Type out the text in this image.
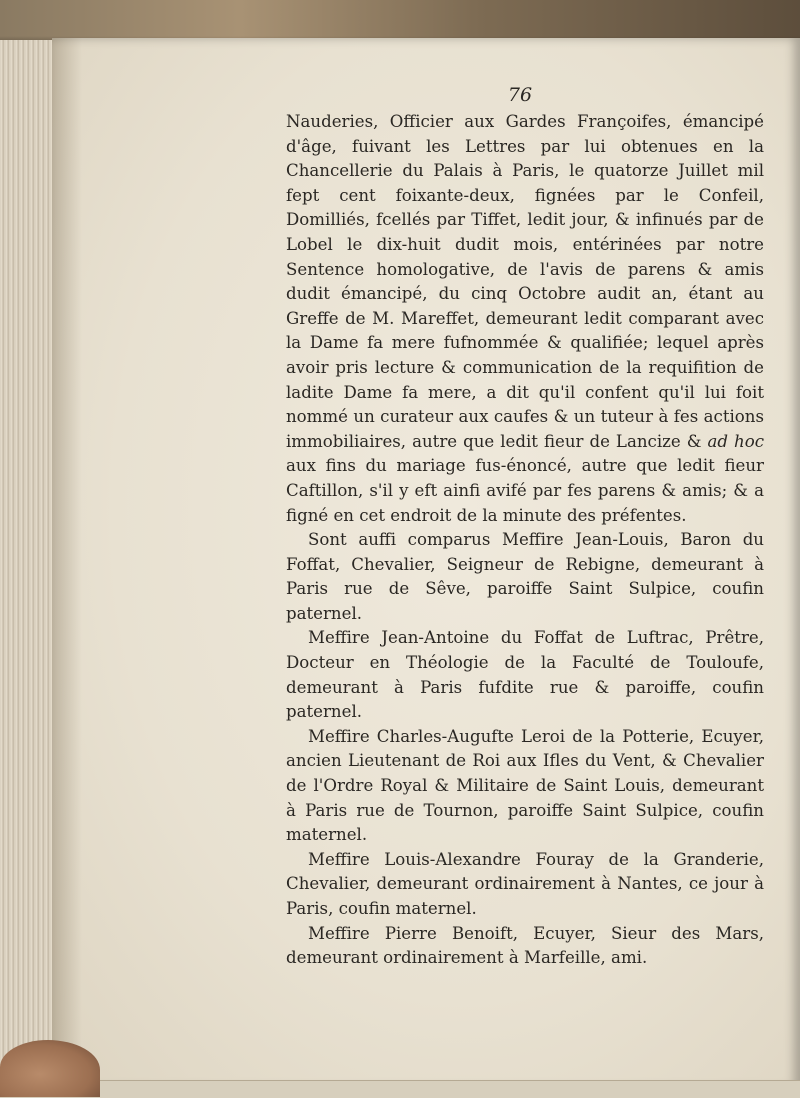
76

Nauderies, Officier aux Gardes Françoifes, émancipé d'âge, fuivant les Lettres par lui obtenues en la Chancellerie du Palais à Paris, le quatorze Juillet mil fept cent foixante-deux, fignées par le Confeil, Domilliés, fcellés par Tiffet, ledit jour, & infinués par de Lobel le dix-huit dudit mois, entérinées par notre Sentence homologative, de l'avis de parens & amis dudit émancipé, du cinq Octobre audit an, étant au Greffe de M. Mareffet, demeurant ledit comparant avec la Dame fa mere fufnommée & qualifiée; lequel après avoir pris lecture & communication de la requifition de ladite Dame fa mere, a dit qu'il confent qu'il lui foit nommé un curateur aux caufes & un tuteur à fes actions immobiliaires, autre que ledit fieur de Lancize & ad hoc aux fins du mariage fus-énoncé, autre que ledit fieur Caftillon, s'il y eft ainfi avifé par fes parens & amis; & a figné en cet endroit de la minute des préfentes.

Sont auffi comparus Meffire Jean-Louis, Baron du Foffat, Chevalier, Seigneur de Rebigne, demeurant à Paris rue de Sêve, paroiffe Saint Sulpice, coufin paternel.

Meffire Jean-Antoine du Foffat de Luftrac, Prêtre, Docteur en Théologie de la Faculté de Touloufe, demeurant à Paris fufdite rue & paroiffe, coufin paternel.

Meffire Charles-Augufte Leroi de la Potterie, Ecuyer, ancien Lieutenant de Roi aux Ifles du Vent, & Chevalier de l'Ordre Royal & Militaire de Saint Louis, demeurant à Paris rue de Tournon, paroiffe Saint Sulpice, coufin maternel.

Meffire Louis-Alexandre Fouray de la Granderie, Chevalier, demeurant ordinairement à Nantes, ce jour à Paris, coufin maternel.

Meffire Pierre Benoift, Ecuyer, Sieur des Mars, demeurant ordinairement à Marfeille, ami.
